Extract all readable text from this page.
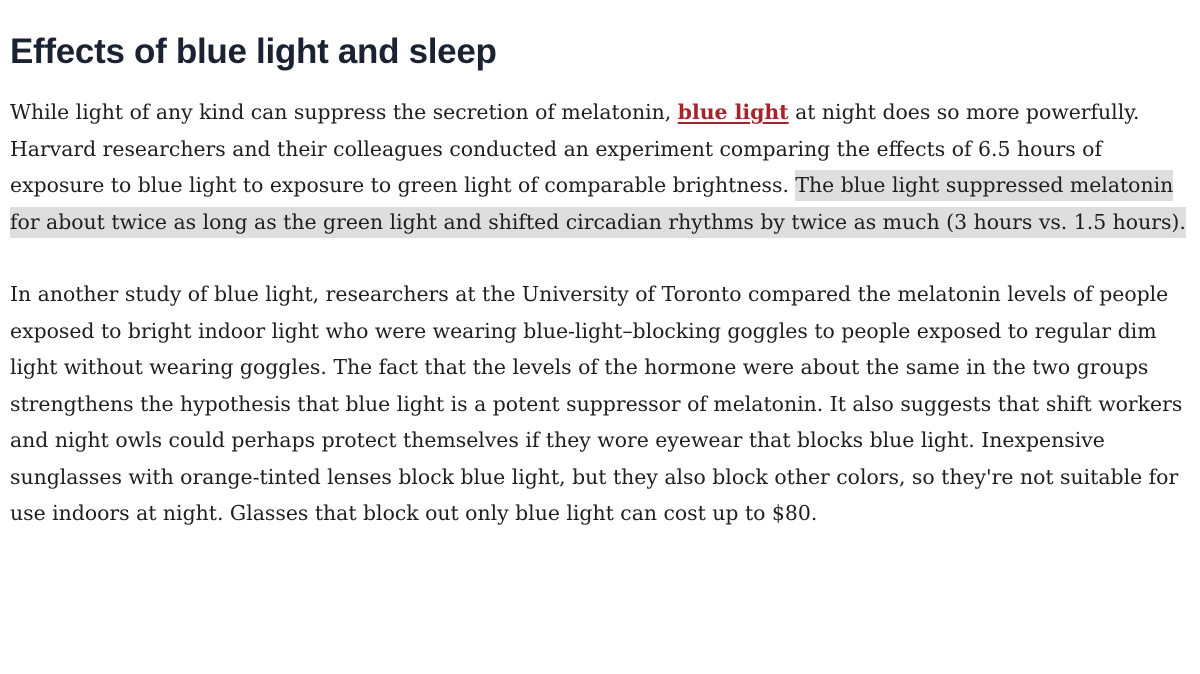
Effects of blue light and sleep

While light of any kind can suppress the secretion of melatonin, blue light at night does so more powerfully. Harvard researchers and their colleagues conducted an experiment comparing the effects of 6.5 hours of exposure to blue light to exposure to green light of comparable brightness. The blue light suppressed melatonin for about twice as long as the green light and shifted circadian rhythms by twice as much (3 hours vs. 1.5 hours).

In another study of blue light, researchers at the University of Toronto compared the melatonin levels of people exposed to bright indoor light who were wearing blue-light–blocking goggles to people exposed to regular dim light without wearing goggles. The fact that the levels of the hormone were about the same in the two groups strengthens the hypothesis that blue light is a potent suppressor of melatonin. It also suggests that shift workers and night owls could perhaps protect themselves if they wore eyewear that blocks blue light. Inexpensive sunglasses with orange-tinted lenses block blue light, but they also block other colors, so they're not suitable for use indoors at night. Glasses that block out only blue light can cost up to $80.
